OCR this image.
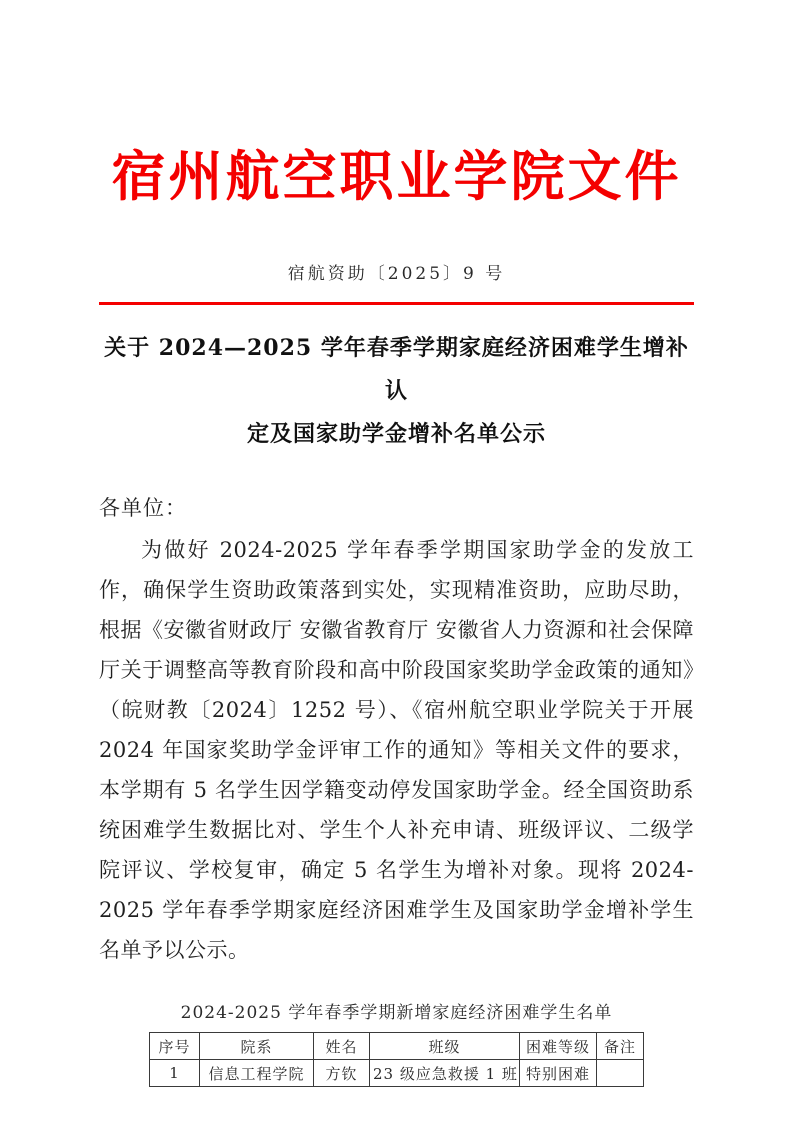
宿州航空职业学院文件
宿航资助〔2025〕9 号
关于 2024—2025 学年春季学期家庭经济困难学生增补认
定及国家助学金增补名单公示
各单位：

为做好 2024-2025 学年春季学期国家助学金的发放工作，确保学生资助政策落到实处，实现精准资助，应助尽助，根据《安徽省财政厅 安徽省教育厅 安徽省人力资源和社会保障厅关于调整高等教育阶段和高中阶段国家奖助学金政策的通知》（皖财教〔2024〕1252 号）、《宿州航空职业学院关于开展 2024 年国家奖助学金评审工作的通知》等相关文件的要求，本学期有 5 名学生因学籍变动停发国家助学金。经全国资助系统困难学生数据比对、学生个人补充申请、班级评议、二级学院评议、学校复审，确定 5 名学生为增补对象。现将 2024-2025 学年春季学期家庭经济困难学生及国家助学金增补学生名单予以公示。

2024-2025 学年春季学期新增家庭经济困难学生名单
序号	院系	姓名	班级	困难等级	备注
1	信息工程学院	方钦	23 级应急救援 1 班	特别困难	
